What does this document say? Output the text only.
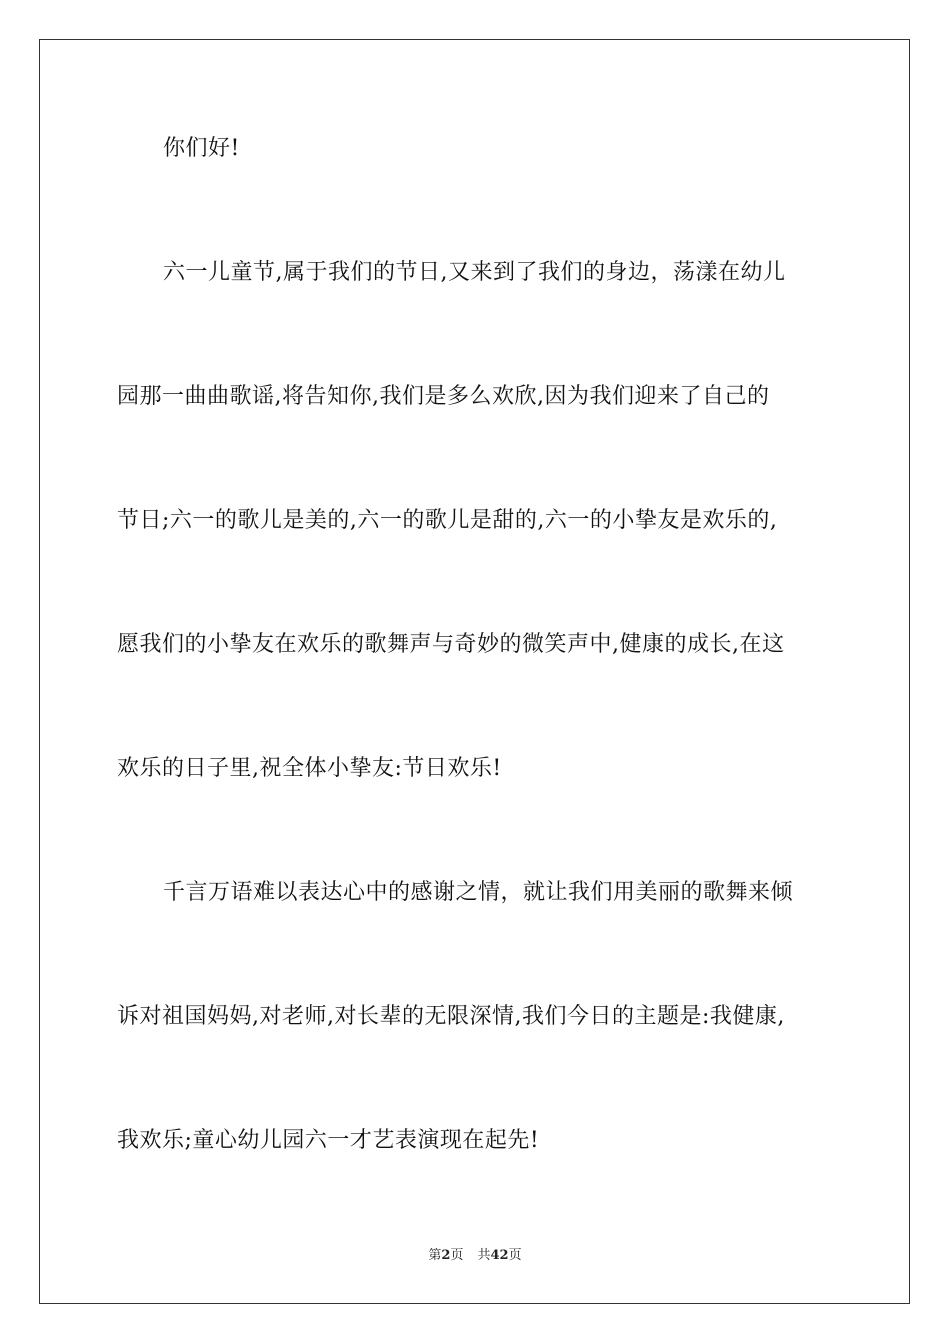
你们好!
六一儿童节,属于我们的节日,又来到了我们的身边，荡漾在幼儿
园那一曲曲歌谣,将告知你,我们是多么欢欣,因为我们迎来了自己的
节日;六一的歌儿是美的,六一的歌儿是甜的,六一的小挚友是欢乐的,
愿我们的小挚友在欢乐的歌舞声与奇妙的微笑声中,健康的成长,在这
欢乐的日子里,祝全体小挚友:节日欢乐!
千言万语难以表达心中的感谢之情，就让我们用美丽的歌舞来倾
诉对祖国妈妈,对老师,对长辈的无限深情,我们今日的主题是:我健康,
我欢乐;童心幼儿园六一才艺表演现在起先!
第2页 共42页
